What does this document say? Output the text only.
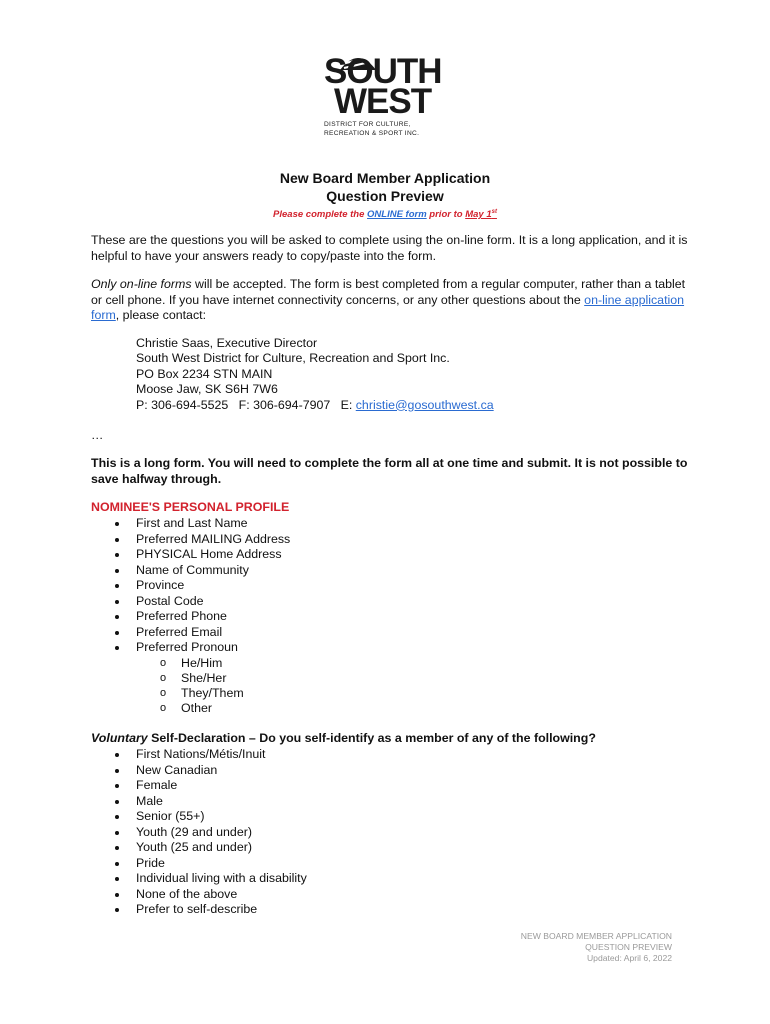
SOUTH
WEST
DISTRICT FOR CULTURE,
RECREATION & SPORT INC.
New Board Member Application
Question Preview
Please complete the ONLINE form prior to May 1st

These are the questions you will be asked to complete using the on-line form. It is a long application, and it is helpful to have your answers ready to copy/paste into the form.

Only on-line forms will be accepted. The form is best completed from a regular computer, rather than a tablet or cell phone. If you have internet connectivity concerns, or any other questions about the on-line application form, please contact:

Christie Saas, Executive Director
South West District for Culture, Recreation and Sport Inc.
PO Box 2234 STN MAIN
Moose Jaw, SK S6H 7W6
P: 306-694-5525   F: 306-694-7907   E: christie@gosouthwest.ca
…
This is a long form. You will need to complete the form all at one time and submit. It is not possible to save halfway through.
NOMINEE'S PERSONAL PROFILE
First and Last Name
Preferred MAILING Address
PHYSICAL Home Address
Name of Community
Province
Postal Code
Preferred Phone
Preferred Email
Preferred Pronoun
o He/Him
o She/Her
o They/Them
o Other
Voluntary Self-Declaration – Do you self-identify as a member of any of the following?
First Nations/Métis/Inuit
New Canadian
Female
Male
Senior (55+)
Youth (29 and under)
Youth (25 and under)
Pride
Individual living with a disability
None of the above
Prefer to self-describe
NEW BOARD MEMBER APPLICATION
QUESTION PREVIEW
Updated: April 6, 2022
